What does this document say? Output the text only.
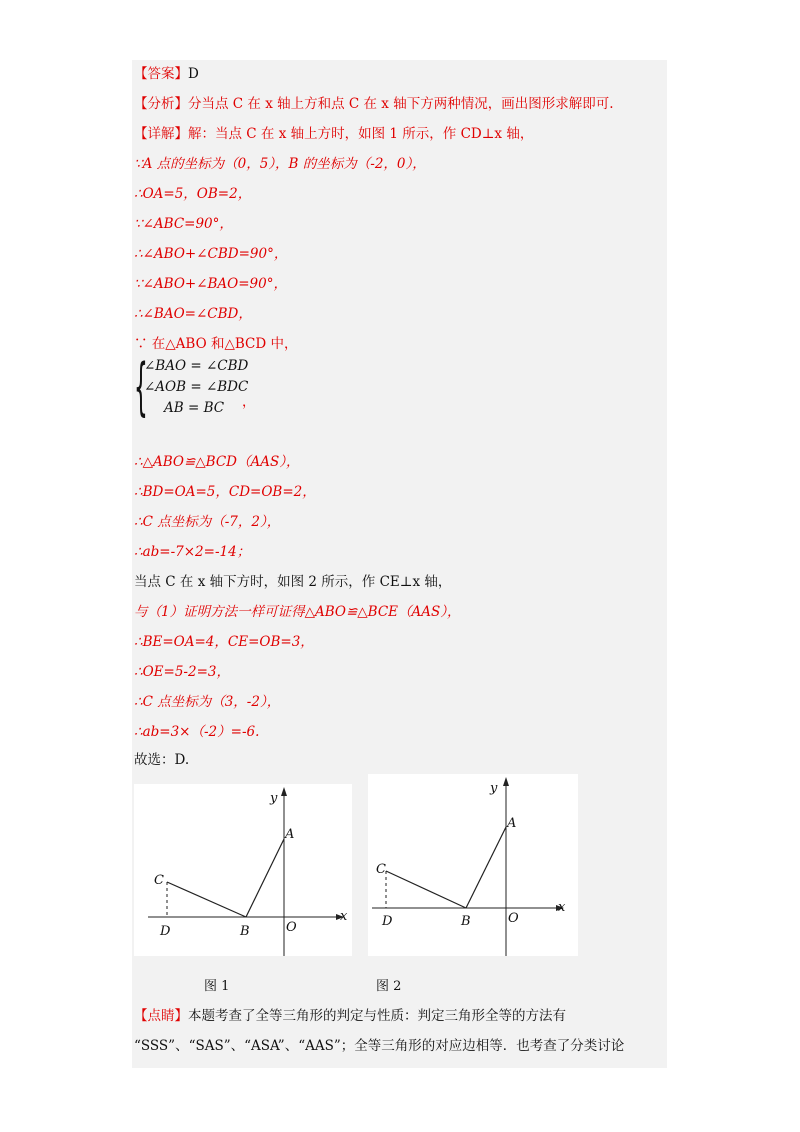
【答案】D
【分析】分当点 C 在 x 轴上方和点 C 在 x 轴下方两种情况，画出图形求解即可.
【详解】解：当点 C 在 x 轴上方时，如图 1 所示，作 CD⊥x 轴，
∵A 点的坐标为（0，5），B 的坐标为（-2，0），
∴OA=5，OB=2，
∵∠ABC=90°，
∴∠ABO+∠CBD=90°，
∵∠ABO+∠BAO=90°，
∴∠BAO=∠CBD，
∵ 在△ABO 和△BCD 中，
{
∠BAO = ∠CBD
∠AOB = ∠BDC
AB = BC ，
∴△ABO≌△BCD（AAS），
∴BD=OA=5，CD=OB=2，
∴C 点坐标为（-7，2），
∴ab=-7×2=-14；
当点 C 在 x 轴下方时，如图 2 所示，作 CE⊥x 轴，
与（1）证明方法一样可证得△ABO≌△BCE（AAS），
∴BE=OA=4，CE=OB=3，
∴OE=5-2=3，
∴C 点坐标为（3，-2），
∴ab=3×（-2）=-6.
故选：D.
y
x
A
B
C
D	O
y
x
A
B
C
D	O
图 1	图 2
【点睛】本题考查了全等三角形的判定与性质：判定三角形全等的方法有
“SSS”、“SAS”、“ASA”、“AAS”；全等三角形的对应边相等．也考查了分类讨论
